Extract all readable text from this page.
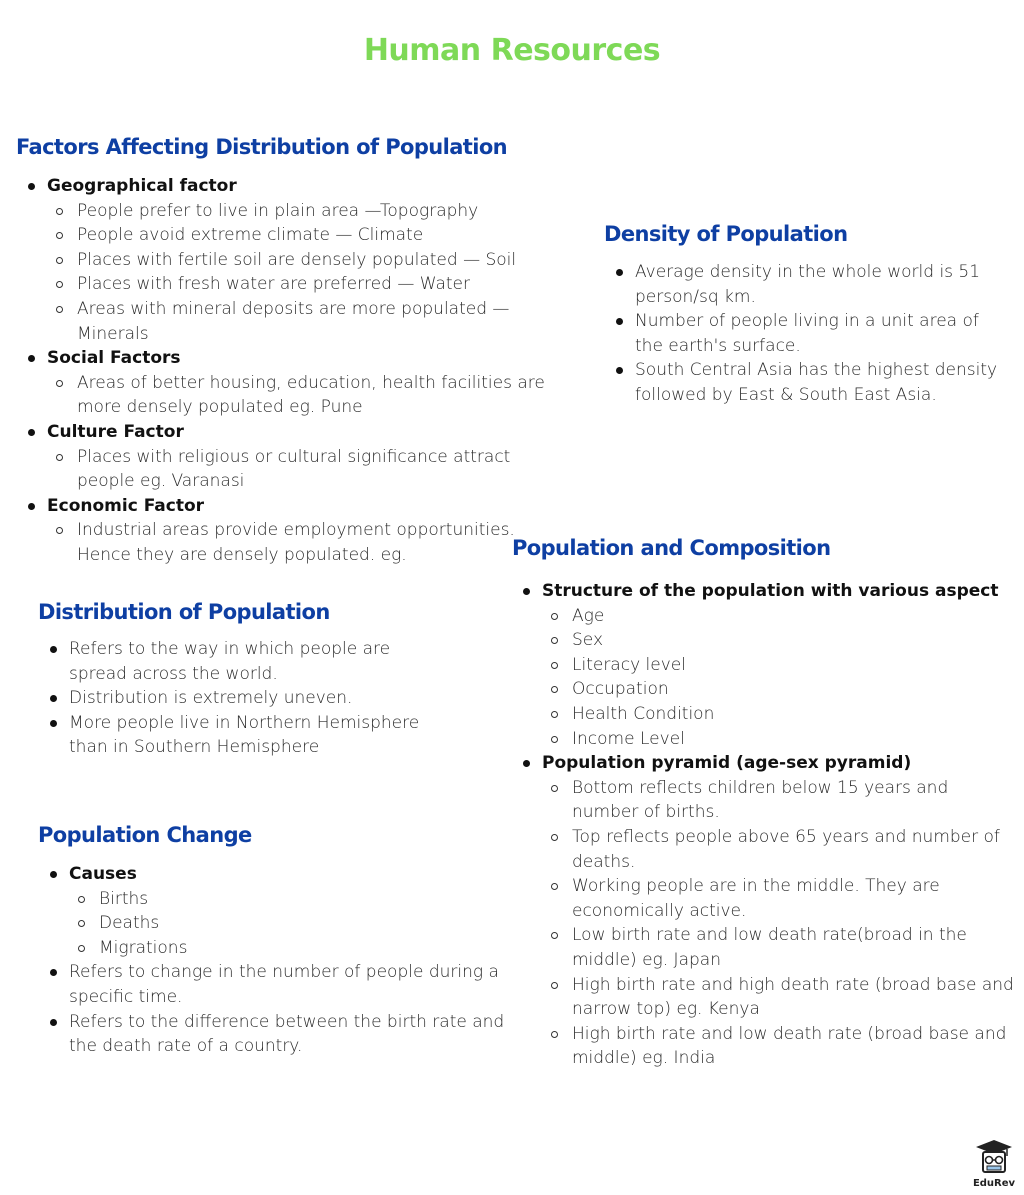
Human Resources
Factors Affecting Distribution of Population
Geographical factor
People prefer to live in plain area —Topography
People avoid extreme climate — Climate
Places with fertile soil are densely populated — Soil
Places with fresh water are preferred — Water
Areas with mineral deposits are more populated — Minerals
Social Factors
Areas of better housing, education, health facilities are more densely populated eg. Pune
Culture Factor
Places with religious or cultural significance attract people eg. Varanasi
Economic Factor
Industrial areas provide employment opportunities. Hence they are densely populated. eg.
Density of Population
Average density in the whole world is 51 person/sq km.
Number of people living in a unit area of the earth's surface.
South Central Asia has the highest density followed by East & South East Asia.
Population and Composition
Structure of the population with various aspect
Age
Sex
Literacy level
Occupation
Health Condition
Income Level
Population pyramid (age-sex pyramid)
Bottom reflects children below 15 years and number of births.
Top reflects people above 65 years and number of deaths.
Working people are in the middle. They are economically active.
Low birth rate and low death rate(broad in the middle) eg. Japan
High birth rate and high death rate (broad base and narrow top) eg. Kenya
High birth rate and low death rate (broad base and middle) eg. India
Distribution of Population
Refers to the way in which people are spread across the world.
Distribution is extremely uneven.
More people live in Northern Hemisphere than in Southern Hemisphere
Population Change
Causes
Births
Deaths
Migrations
Refers to change in the number of people during a specific time.
Refers to the difference between the birth rate and the death rate of a country.
EduRev
